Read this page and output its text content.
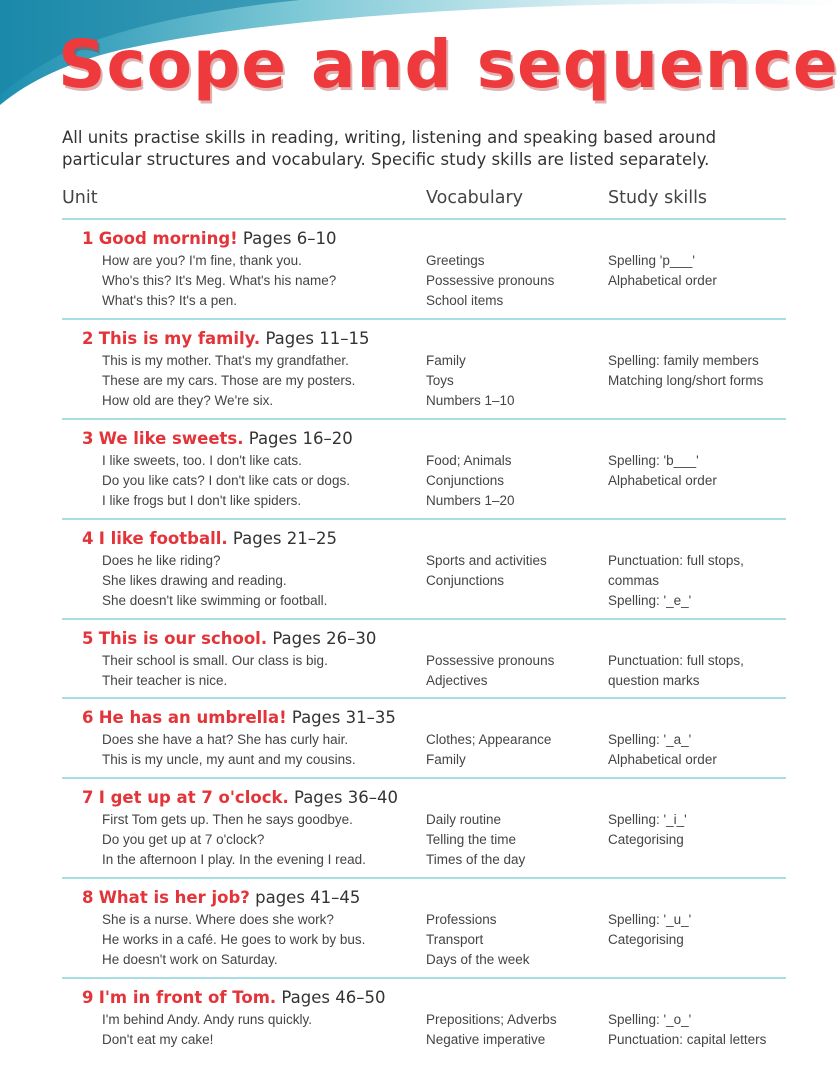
Scope and sequence

All units practise skills in reading, writing, listening and speaking based around particular structures and vocabulary. Specific study skills are listed separately.

Unit	Vocabulary	Study skills
1 Good morning! Pages 6–10
How are you? I'm fine, thank you.
Who's this? It's Meg. What's his name?
What's this? It's a pen.
Greetings
Possessive pronouns
School items
Spelling 'p___'
Alphabetical order
2 This is my family. Pages 11–15
This is my mother. That's my grandfather.
These are my cars. Those are my posters.
How old are they? We're six.
Family
Toys
Numbers 1–10
Spelling: family members
Matching long/short forms
3 We like sweets. Pages 16–20
I like sweets, too. I don't like cats.
Do you like cats? I don't like cats or dogs.
I like frogs but I don't like spiders.
Food; Animals
Conjunctions
Numbers 1–20
Spelling: 'b___'
Alphabetical order
4 I like football. Pages 21–25
Does he like riding?
She likes drawing and reading.
She doesn't like swimming or football.
Sports and activities
Conjunctions
Punctuation: full stops,
commas
Spelling: '_e_'
5 This is our school. Pages 26–30
Their school is small. Our class is big.
Their teacher is nice.
Possessive pronouns
Adjectives
Punctuation: full stops,
question marks
6 He has an umbrella! Pages 31–35
Does she have a hat? She has curly hair.
This is my uncle, my aunt and my cousins.
Clothes; Appearance
Family
Spelling: '_a_'
Alphabetical order
7 I get up at 7 o'clock. Pages 36–40
First Tom gets up. Then he says goodbye.
Do you get up at 7 o'clock?
In the afternoon I play. In the evening I read.
Daily routine
Telling the time
Times of the day
Spelling: '_i_'
Categorising
8 What is her job? pages 41–45
She is a nurse. Where does she work?
He works in a café. He goes to work by bus.
He doesn't work on Saturday.
Professions
Transport
Days of the week
Spelling: '_u_'
Categorising
9 I'm in front of Tom. Pages 46–50
I'm behind Andy. Andy runs quickly.
Don't eat my cake!
Prepositions; Adverbs
Negative imperative
Spelling: '_o_'
Punctuation: capital letters
